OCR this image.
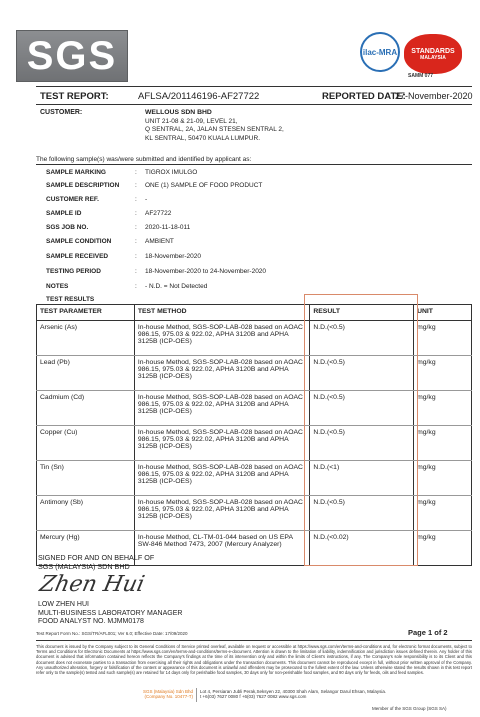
SGS	ilac-MRA	STANDARDS
MALAYSIA
SAMM 077
TEST REPORT:	AFLSA/201146196-AF27722	REPORTED DATE:
27-November-2020
CUSTOMER:	WELLOUS SDN BHD
UNIT 21-08 & 21-09, LEVEL 21,
Q SENTRAL, 2A, JALAN STESEN SENTRAL 2,
KL SENTRAL, 50470 KUALA LUMPUR.
The following sample(s) was/were submitted and identified by applicant as:
SAMPLE MARKING	: TIGROX IMULGO
SAMPLE DESCRIPTION : ONE (1) SAMPLE OF FOOD PRODUCT
CUSTOMER REF.	: -
SAMPLE ID	: AF27722
SGS JOB NO.	: 2020-11-18-011
SAMPLE CONDITION	: AMBIENT
SAMPLE RECEIVED	: 18-November-2020
TESTING PERIOD	: 18-November-2020 to 24-November-2020
NOTES	: - N.D. = Not Detected
TEST RESULTS
TEST PARAMETER	TEST METHOD	RESULT	UNIT
Arsenic (As)	In-house Method, SGS-SOP-LAB-028 based on AOAC 986.15, 975.03 & 922.02, APHA 3120B and APHA 3125B (ICP-OES)	N.D.(<0.5)	mg/kg
Lead (Pb)	In-house Method, SGS-SOP-LAB-028 based on AOAC 986.15, 975.03 & 922.02, APHA 3120B and APHA 3125B (ICP-OES)	N.D.(<0.5)	mg/kg
Cadmium (Cd)	In-house Method, SGS-SOP-LAB-028 based on AOAC 986.15, 975.03 & 922.02, APHA 3120B and APHA 3125B (ICP-OES)	N.D.(<0.5)	mg/kg
Copper (Cu)	In-house Method, SGS-SOP-LAB-028 based on AOAC 986.15, 975.03 & 922.02, APHA 3120B and APHA 3125B (ICP-OES)	N.D.(<0.5)	mg/kg
Tin (Sn)	In-house Method, SGS-SOP-LAB-028 based on AOAC 986.15, 975.03 & 922.02, APHA 3120B and APHA 3125B (ICP-OES)	N.D.(<1)	mg/kg
Antimony (Sb)	In-house Method, SGS-SOP-LAB-028 based on AOAC 986.15, 975.03 & 922.02, APHA 3120B and APHA 3125B (ICP-OES)	N.D.(<0.5)	mg/kg
Mercury (Hg)	In-house Method, CL-TM-01-044 based on US EPA SW-846 Method 7473, 2007 (Mercury Analyzer)	N.D.(<0.02)	mg/kg
SIGNED FOR AND ON BEHALF OF
SGS (MALAYSIA) SDN BHD
Zhen Hui
LOW ZHEN HUI
MULTI-BUSINESS LABORATORY MANAGER
FOOD ANALYST NO. MJMM0178
Test Report Form No.: SGS/TR/AFL001; Ver 6.0; Effective Date: 17/09/2020	Page 1 of 2
This document is issued by the Company subject to its General Conditions of Service printed overleaf, available on request or accessible at https://www.sgs.com/en/terms-and-conditions and, for electronic format documents, subject to Terms and Conditions for Electronic Documents at https://www.sgs.com/en/terms-and-conditions/terms-e-document. Attention is drawn to the limitation of liability, indemnification and jurisdiction issues defined therein. Any holder of this document is advised that information contained hereon reflects the Company's findings at the time of its intervention only and within the limits of Client's instructions, if any. The Company's sole responsibility is to its Client and this document does not exonerate parties to a transaction from exercising all their rights and obligations under the transaction documents. This document cannot be reproduced except in full, without prior written approval of the Company. Any unauthorized alteration, forgery or falsification of the content or appearance of this document is unlawful and offenders may be prosecuted to the fullest extent of the law. Unless otherwise stated the results shown in this test report refer only to the sample(s) tested and such sample(s) are retained for 14 days only for perishable food samples, 30 days only for non-perishable food samples, and 90 days only for feeds, oils and feed samples.
SGS (Malaysia) Sdn Bhd
(Company No. 10477-T)
Lot 4, Persiaran Jubli Perak,Seksyen 22, 40300 Shah Alam, Selangor Darul Ehsan, Malaysia.
t +6(03) 7627 0080 f +6(03) 7627 0082 www.sgs.com
Member of the SGS Group (SGS SA)
